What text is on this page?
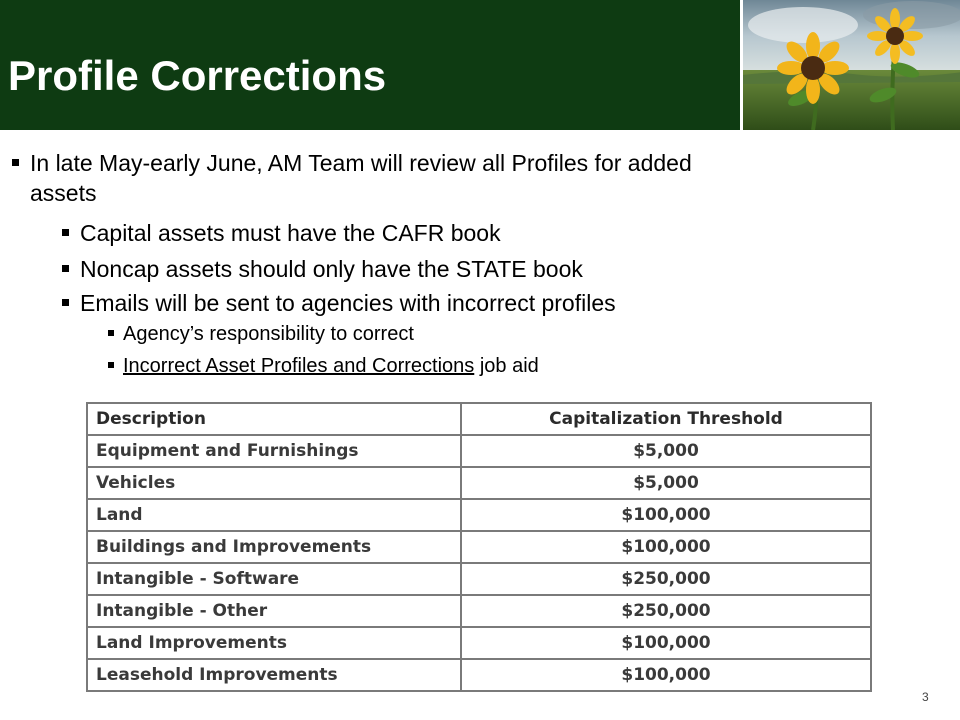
Profile Corrections
In late May-early June, AM Team will review all Profiles for added
assets
Capital assets must have the CAFR book
Noncap assets should only have the STATE book
Emails will be sent to agencies with incorrect profiles
Agency’s responsibility to correct
Incorrect Asset Profiles and Corrections job aid
Description	Capitalization Threshold
Equipment and Furnishings	$5,000
Vehicles	$5,000
Land	$100,000
Buildings and Improvements	$100,000
Intangible - Software	$250,000
Intangible - Other	$250,000
Land Improvements	$100,000
Leasehold Improvements	$100,000
3
